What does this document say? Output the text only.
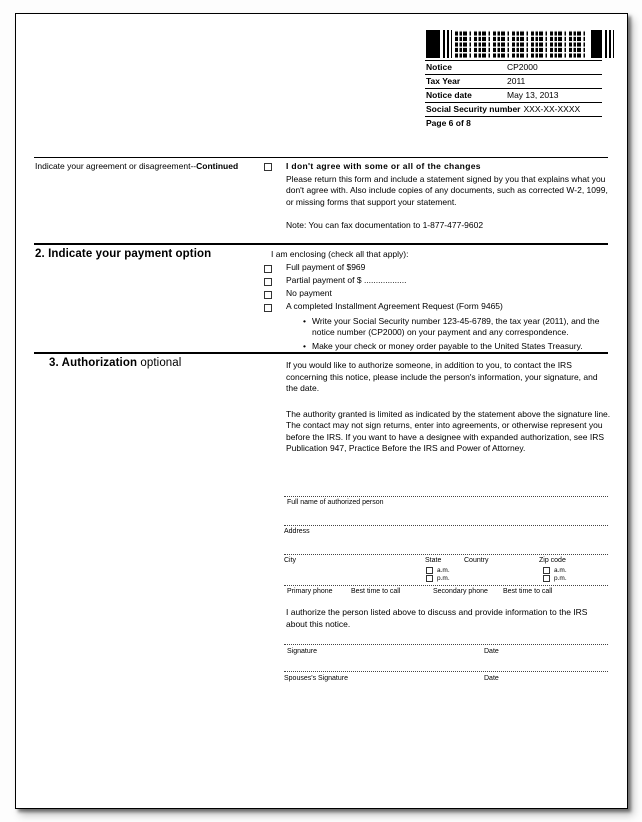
Notice	CP2000
Tax Year	2011
Notice date	May 13, 2013
Social Security number XXX-XX-XXXX
Page 6 of 8
Indicate your agreement or disagreement--Continued	I don't agree with some or all of the changes

Please return this form and include a statement signed by you that explains what you don't agree with. Also include copies of any documents, such as corrected W-2, 1099, or missing forms that support your statement.

Note: You can fax documentation to 1-877-477-9602

2. Indicate your payment option	I am enclosing (check all that apply):
Full payment of $969
Partial payment of $ ..................
No payment
A completed Installment Agreement Request (Form 9465)
• Write your Social Security number 123-45-6789, the tax year (2011), and the notice number (CP2000) on your payment and any correspondence.
• Make your check or money order payable to the United States Treasury.
3. Authorization optional	If you would like to authorize someone, in addition to you, to contact the IRS concerning this notice, please include the person's information, your signature, and the date.

The authority granted is limited as indicated by the statement above the signature line. The contact may not sign returns, enter into agreements, or otherwise represent you before the IRS. If you want to have a designee with expanded authorization, see IRS Publication 947, Practice Before the IRS and Power of Attorney.

Full name of authorized person
Address
City	State	Country	Zip code
a.m.
p.m.
a.m.
p.m.
Primary phone	Best time to call	Secondary phone Best time to call
I authorize the person listed above to discuss and provide information to the IRS about this notice.
Signature	Date
Spouses's Signature	Date
